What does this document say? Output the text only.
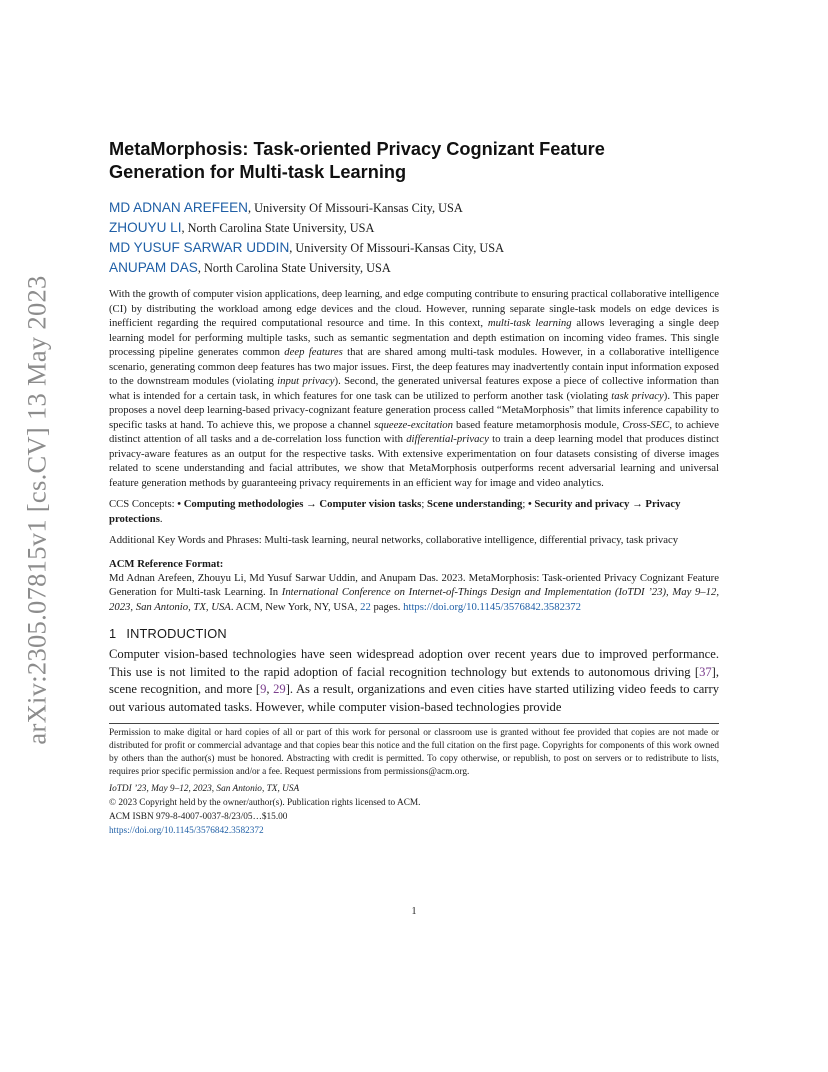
arXiv:2305.07815v1 [cs.CV] 13 May 2023
MetaMorphosis: Task-oriented Privacy Cognizant Feature
Generation for Multi-task Learning
MD ADNAN AREFEEN, University Of Missouri-Kansas City, USA
ZHOUYU LI, North Carolina State University, USA
MD YUSUF SARWAR UDDIN, University Of Missouri-Kansas City, USA
ANUPAM DAS, North Carolina State University, USA
With the growth of computer vision applications, deep learning, and edge computing contribute to ensuring practical collaborative intelligence (CI) by distributing the workload among edge devices and the cloud. However, running separate single-task models on edge devices is inefficient regarding the required computational resource and time. In this context, multi-task learning allows leveraging a single deep learning model for performing multiple tasks, such as semantic segmentation and depth estimation on incoming video frames. This single processing pipeline generates common deep features that are shared among multi-task modules. However, in a collaborative intelligence scenario, generating common deep features has two major issues. First, the deep features may inadvertently contain input information exposed to the downstream modules (violating input privacy). Second, the generated universal features expose a piece of collective information than what is intended for a certain task, in which features for one task can be utilized to perform another task (violating task privacy). This paper proposes a novel deep learning-based privacy-cognizant feature generation process called “MetaMorphosis” that limits inference capability to specific tasks at hand. To achieve this, we propose a channel squeeze-excitation based feature metamorphosis module, Cross-SEC, to achieve distinct attention of all tasks and a de-correlation loss function with differential-privacy to train a deep learning model that produces distinct privacy-aware features as an output for the respective tasks. With extensive experimentation on four datasets consisting of diverse images related to scene understanding and facial attributes, we show that MetaMorphosis outperforms recent adversarial learning and universal feature generation methods by guaranteeing privacy requirements in an efficient way for image and video analytics.
CCS Concepts: • Computing methodologies → Computer vision tasks; Scene understanding; • Security and privacy → Privacy protections.
Additional Key Words and Phrases: Multi-task learning, neural networks, collaborative intelligence, differential privacy, task privacy
ACM Reference Format:
Md Adnan Arefeen, Zhouyu Li, Md Yusuf Sarwar Uddin, and Anupam Das. 2023. MetaMorphosis: Task-oriented Privacy Cognizant Feature Generation for Multi-task Learning. In International Conference on Internet-of-Things Design and Implementation (IoTDI ’23), May 9–12, 2023, San Antonio, TX, USA. ACM, New York, NY, USA, 22 pages. https://doi.org/10.1145/3576842.3582372
1 INTRODUCTION
Computer vision-based technologies have seen widespread adoption over recent years due to improved performance. This use is not limited to the rapid adoption of facial recognition technology but extends to autonomous driving [37], scene recognition, and more [9, 29]. As a result, organizations and even cities have started utilizing video feeds to carry out various automated tasks. However, while computer vision-based technologies provide
Permission to make digital or hard copies of all or part of this work for personal or classroom use is granted without fee provided that copies are not made or distributed for profit or commercial advantage and that copies bear this notice and the full citation on the first page. Copyrights for components of this work owned by others than the author(s) must be honored. Abstracting with credit is permitted. To copy otherwise, or republish, to post on servers or to redistribute to lists, requires prior specific permission and/or a fee. Request permissions from permissions@acm.org.
IoTDI ’23, May 9–12, 2023, San Antonio, TX, USA
© 2023 Copyright held by the owner/author(s). Publication rights licensed to ACM.
ACM ISBN 979-8-4007-0037-8/23/05…$15.00
https://doi.org/10.1145/3576842.3582372
1
